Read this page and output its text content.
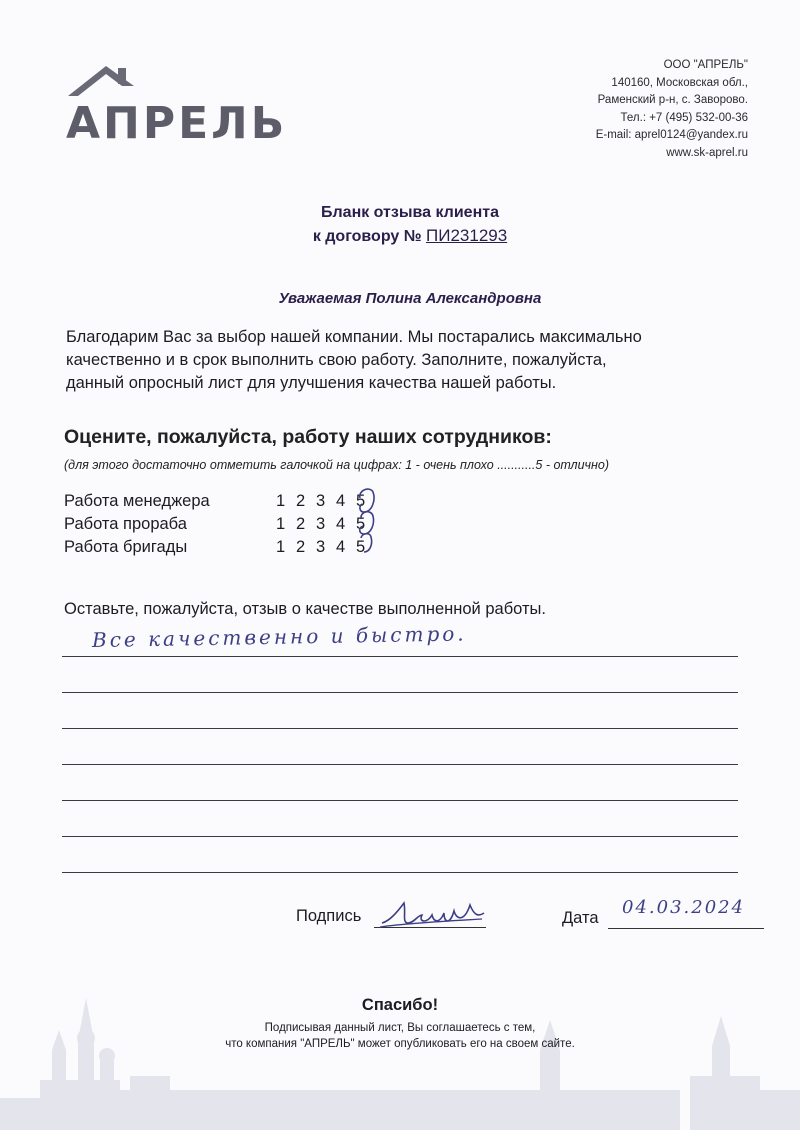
АПРЕЛЬ
ООО "АПРЕЛЬ"
140160, Московская обл.,
Раменский р-н, с. Заворово.
Тел.: +7 (495) 532-00-36
E-mail: aprel0124@yandex.ru
www.sk-aprel.ru
Бланк отзыва клиента
к договору № ПИ231293
Уважаемая Полина Александровна
Благодарим Вас за выбор нашей компании. Мы постарались максимально
качественно и в срок выполнить свою работу. Заполните, пожалуйста,
данный опросный лист для улучшения качества нашей работы.
Оцените, пожалуйста, работу наших сотрудников:
(для этого достаточно отметить галочкой на цифрах: 1 - очень плохо ...........5 - отлично)
Работа менеджера	1 2 3 4 5
Работа прораба	1 2 3 4 5
Работа бригады	1 2 3 4 5
Оставьте, пожалуйста, отзыв о качестве выполненной работы.
Все качественно и быстро.
Подпись	Дата 04.03.2024
Спасибо!
Подписывая данный лист, Вы соглашаетесь с тем,
что компания "АПРЕЛЬ" может опубликовать его на своем сайте.
